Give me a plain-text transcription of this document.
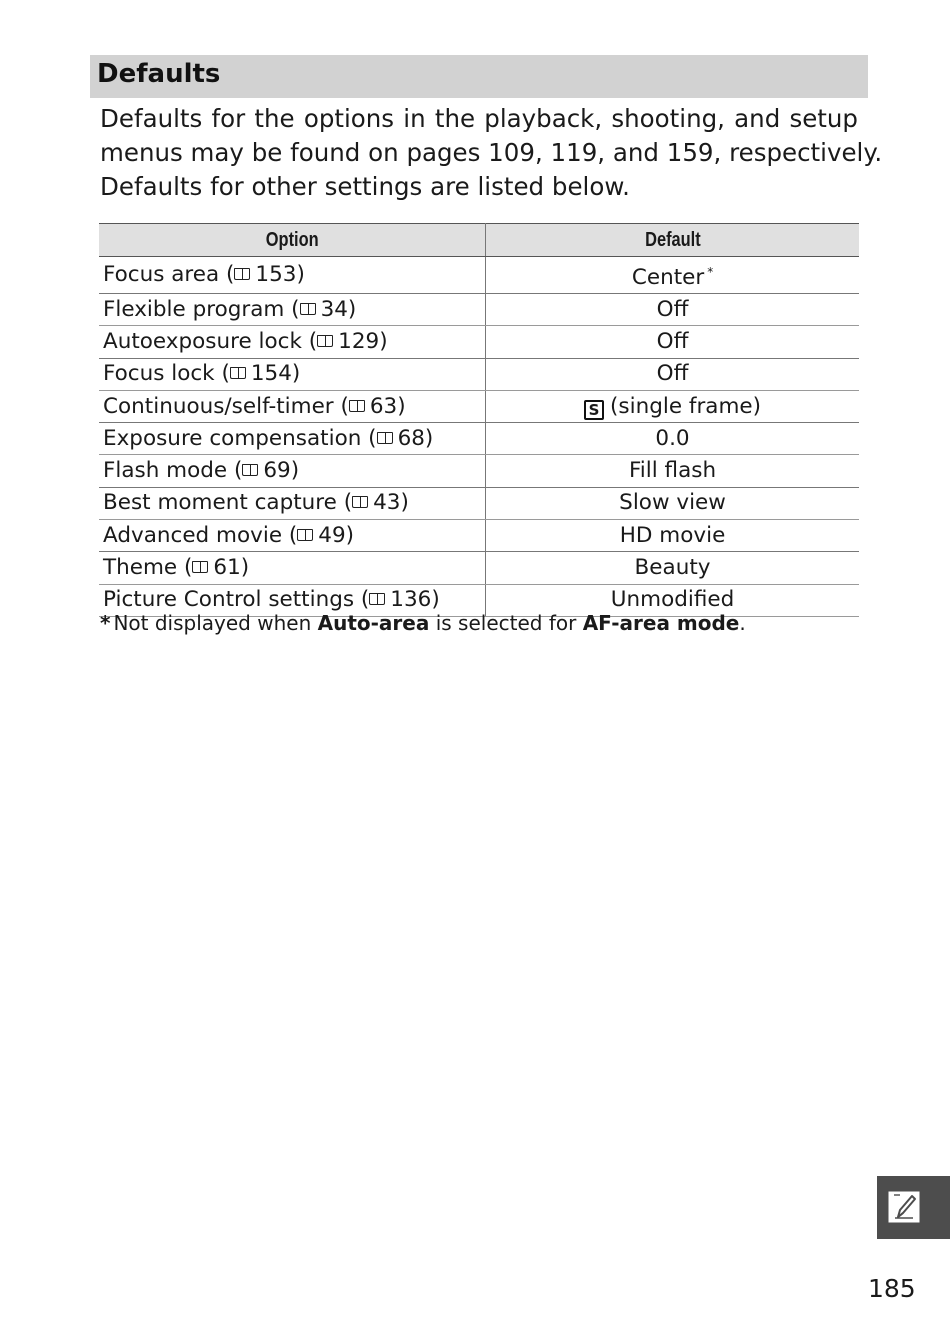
Defaults

Defaults for the options in the playback, shooting, and setup
menus may be found on pages 109, 119, and 159, respectively.
Defaults for other settings are listed below.

Option	Default
Focus area ( 153)	Center *
Flexible program ( 34)	Off
Autoexposure lock ( 129)	Off
Focus lock ( 154)	Off
Continuous/self-timer ( 63)	S (single frame)
Exposure compensation ( 68)	0.0
Flash mode ( 69)	Fill flash
Best moment capture ( 43)	Slow view
Advanced movie ( 49)	HD movie
Theme ( 61)	Beauty
Picture Control settings ( 136)	Unmodified
* Not displayed when Auto-area is selected for AF-area mode.
185
